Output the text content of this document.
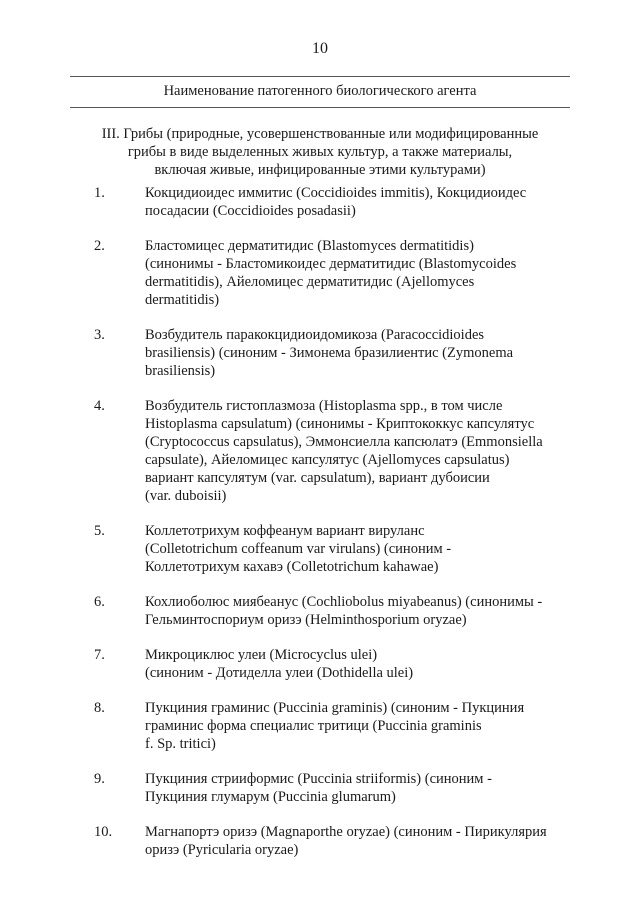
10
Наименование патогенного биологического агента
III. Грибы (природные, усовершенствованные или модифицированные
грибы в виде выделенных живых культур, а также материалы,
включая живые, инфицированные этими культурами)
1.	Кокцидиоидес иммитис (Coccidioides immitis), Кокцидиоидес
посадасии (Coccidioides posadasii)
2.	Бластомицес дерматитидис (Blastomyces dermatitidis)
(синонимы - Бластомикоидес дерматитидис (Blastomycoides
dermatitidis), Айеломицес дерматитидис (Ajellomyces
dermatitidis)
3.	Возбудитель паракокцидиоидомикоза (Paracoccidioides
brasiliensis) (синоним - Зимонема бразилиентис (Zymonema
brasiliensis)
4.	Возбудитель гистоплазмоза (Histoplasma spp., в том числе
Histoplasma capsulatum) (синонимы - Криптококкус капсулятус
(Cryptococcus capsulatus), Эммонсиелла капсюлатэ (Emmonsiella
capsulate), Айеломицес капсулятус (Ajellomyces capsulatus)
вариант капсулятум (var. capsulatum), вариант дубоисии
(var. duboisii)
5.	Коллетотрихум коффеанум вариант вируланс
(Colletotrichum coffeanum var virulans) (синоним -
Коллетотрихум кахавэ (Colletotrichum kahawae)
6.	Кохлиоболюс миябеанус (Cochliobolus miyabeanus) (синонимы -
Гельминтоспориум оризэ (Helminthosporium oryzae)
7.	Микроциклюс улеи (Microcyclus ulei)
(синоним - Дотиделла улеи (Dothidella ulei)
8.	Пукциния граминис (Puccinia graminis) (синоним - Пукциния
граминис форма специалис тритици (Puccinia graminis
f. Sp. tritici)
9.	Пукциния стрииформис (Puccinia striiformis) (синоним -
Пукциния глумарум (Puccinia glumarum)
10.	Магнапортэ оризэ (Magnaporthe oryzae) (синоним - Пирикулярия
оризэ (Pyricularia oryzae)
